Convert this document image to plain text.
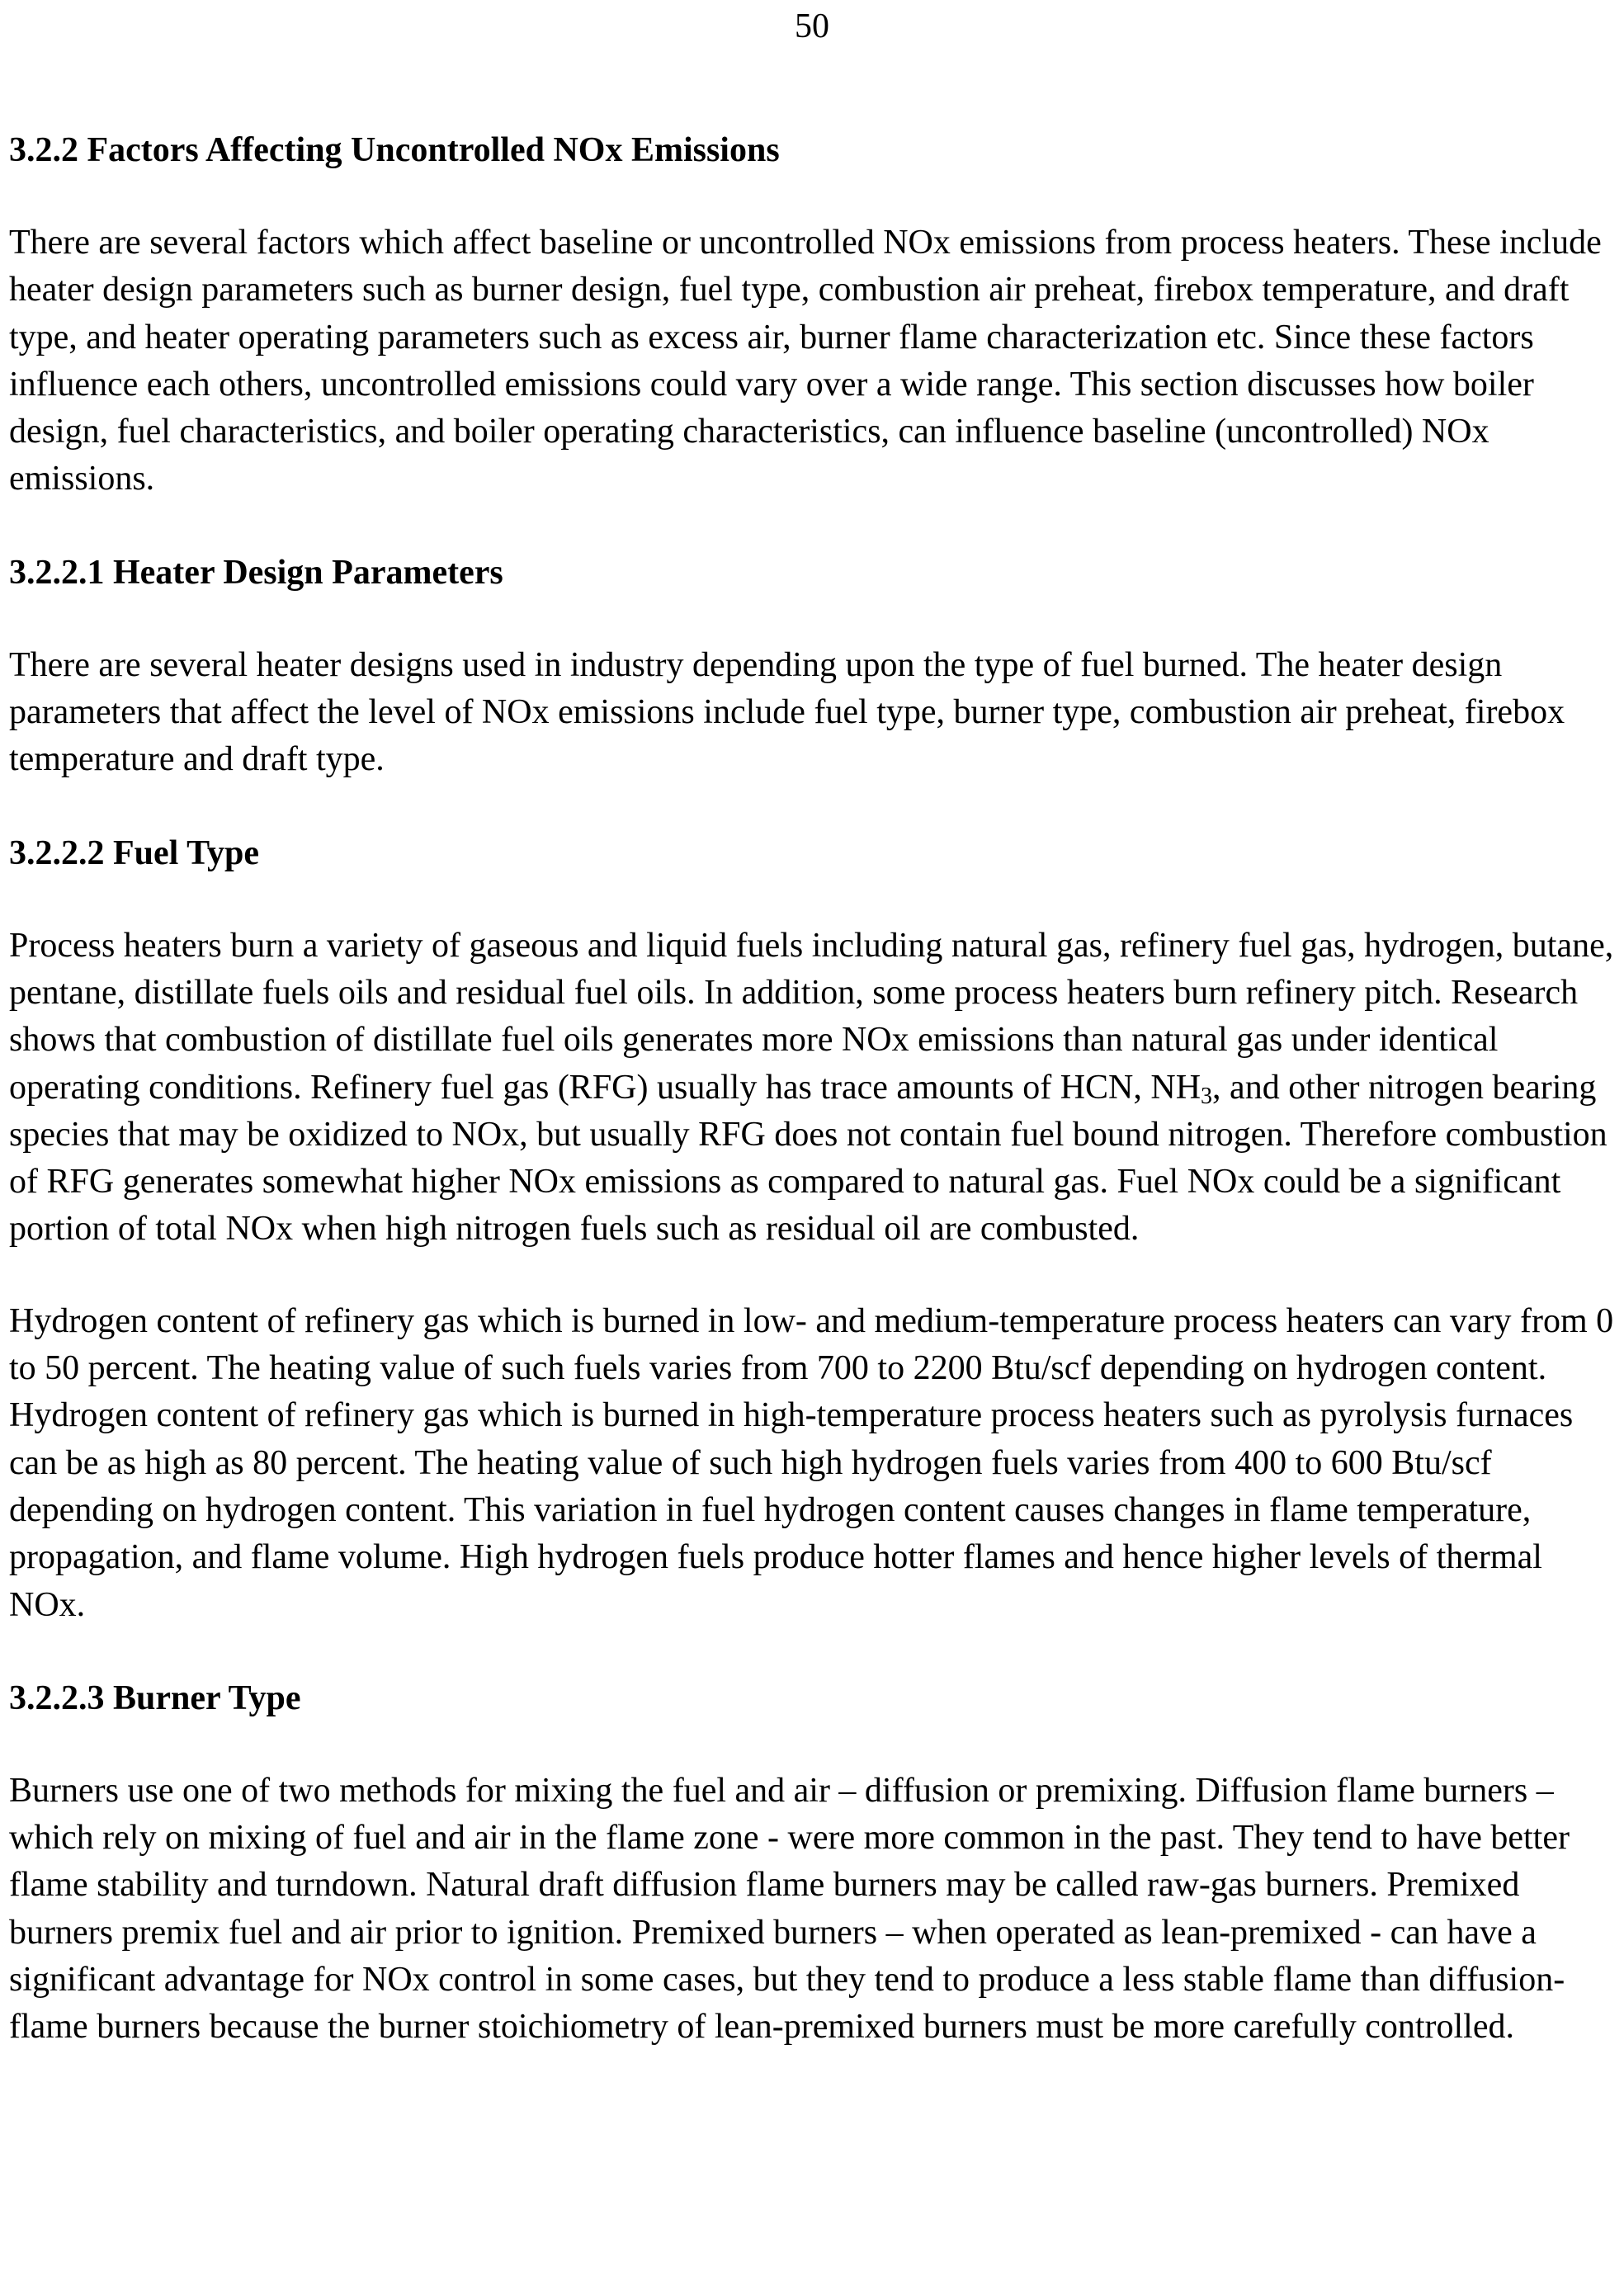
50
3.2.2 Factors Affecting Uncontrolled NOx Emissions

There are several factors which affect baseline or uncontrolled NOx emissions from process heaters. These include heater design parameters such as burner design, fuel type, combustion air preheat, firebox temperature, and draft type, and heater operating parameters such as excess air, burner flame characterization etc. Since these factors influence each others, uncontrolled emissions could vary over a wide range. This section discusses how boiler design, fuel characteristics, and boiler operating characteristics, can influence baseline (uncontrolled) NOx emissions.

3.2.2.1 Heater Design Parameters

There are several heater designs used in industry depending upon the type of fuel burned. The heater design parameters that affect the level of NOx emissions include fuel type, burner type, combustion air preheat, firebox temperature and draft type.

3.2.2.2 Fuel Type

Process heaters burn a variety of gaseous and liquid fuels including natural gas, refinery fuel gas, hydrogen, butane, pentane, distillate fuels oils and residual fuel oils. In addition, some process heaters burn refinery pitch. Research shows that combustion of distillate fuel oils generates more NOx emissions than natural gas under identical operating conditions. Refinery fuel gas (RFG) usually has trace amounts of HCN, $NH_3$, and other nitrogen bearing species that may be oxidized to NOx, but usually RFG does not contain fuel bound nitrogen. Therefore combustion of RFG generates somewhat higher NOx emissions as compared to natural gas. Fuel NOx could be a significant portion of total NOx when high nitrogen fuels such as residual oil are combusted.

Hydrogen content of refinery gas which is burned in low- and medium-temperature process heaters can vary from 0 to 50 percent. The heating value of such fuels varies from 700 to 2200 Btu/scf depending on hydrogen content. Hydrogen content of refinery gas which is burned in high-temperature process heaters such as pyrolysis furnaces can be as high as 80 percent. The heating value of such high hydrogen fuels varies from 400 to 600 Btu/scf depending on hydrogen content. This variation in fuel hydrogen content causes changes in flame temperature, propagation, and flame volume. High hydrogen fuels produce hotter flames and hence higher levels of thermal NOx.

3.2.2.3 Burner Type

Burners use one of two methods for mixing the fuel and air – diffusion or premixing. Diffusion flame burners – which rely on mixing of fuel and air in the flame zone - were more common in the past. They tend to have better flame stability and turndown. Natural draft diffusion flame burners may be called raw-gas burners. Premixed burners premix fuel and air prior to ignition. Premixed burners – when operated as lean-premixed - can have a significant advantage for NOx control in some cases, but they tend to produce a less stable flame than diffusion-flame burners because the burner stoichiometry of lean-premixed burners must be more carefully controlled.
